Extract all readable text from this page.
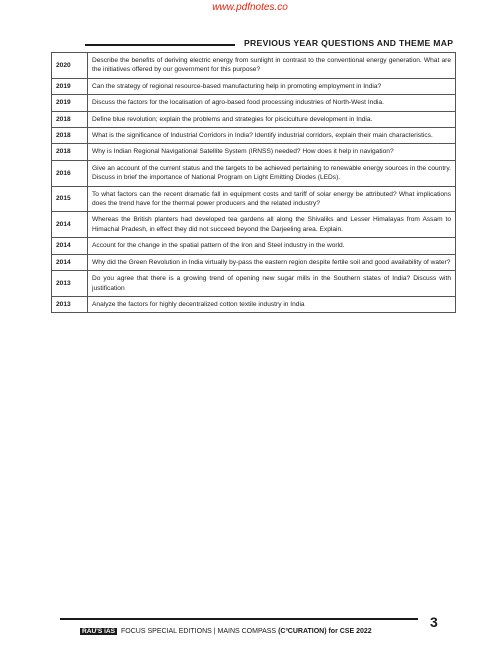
www.pdfnotes.co
PREVIOUS YEAR QUESTIONS AND THEME MAP
2020	Describe the benefits of deriving electric energy from sunlight in contrast to the conventional energy generation. What are the initiatives offered by our government for this purpose?
2019	Can the strategy of regional resource-based manufacturing help in promoting employment in India?
2019	Discuss the factors for the localisation of agro-based food processing industries of North-West India.
2018	Define blue revolution; explain the problems and strategies for pisciculture development in India.
2018	What is the significance of Industrial Corridors in India? Identify industrial corridors, explain their main characteristics.
2018	Why is Indian Regional Navigational Satellite System (IRNSS) needed? How does it help in navigation?
2016	Give an account of the current status and the targets to be achieved pertaining to renewable energy sources in the country. Discuss in brief the importance of National Program on Light Emitting Diodes (LEDs).
2015	To what factors can the recent dramatic fall in equipment costs and tariff of solar energy be attributed? What implications does the trend have for the thermal power producers and the related industry?
2014	Whereas the British planters had developed tea gardens all along the Shivaliks and Lesser Himalayas from Assam to Himachal Pradesh, in effect they did not succeed beyond the Darjeeling area. Explain.
2014	Account for the change in the spatial pattern of the Iron and Steel industry in the world.
2014	Why did the Green Revolution in India virtually by-pass the eastern region despite fertile soil and good availability of water?
2013	Do you agree that there is a growing trend of opening new sugar mills in the Southern states of India? Discuss with justification
2013	Analyze the factors for highly decentralized cotton textile industry in India
RAU'S IAS FOCUS SPECIAL EDITIONS | MAINS COMPASS (C³CURATION) for CSE 2022
3
